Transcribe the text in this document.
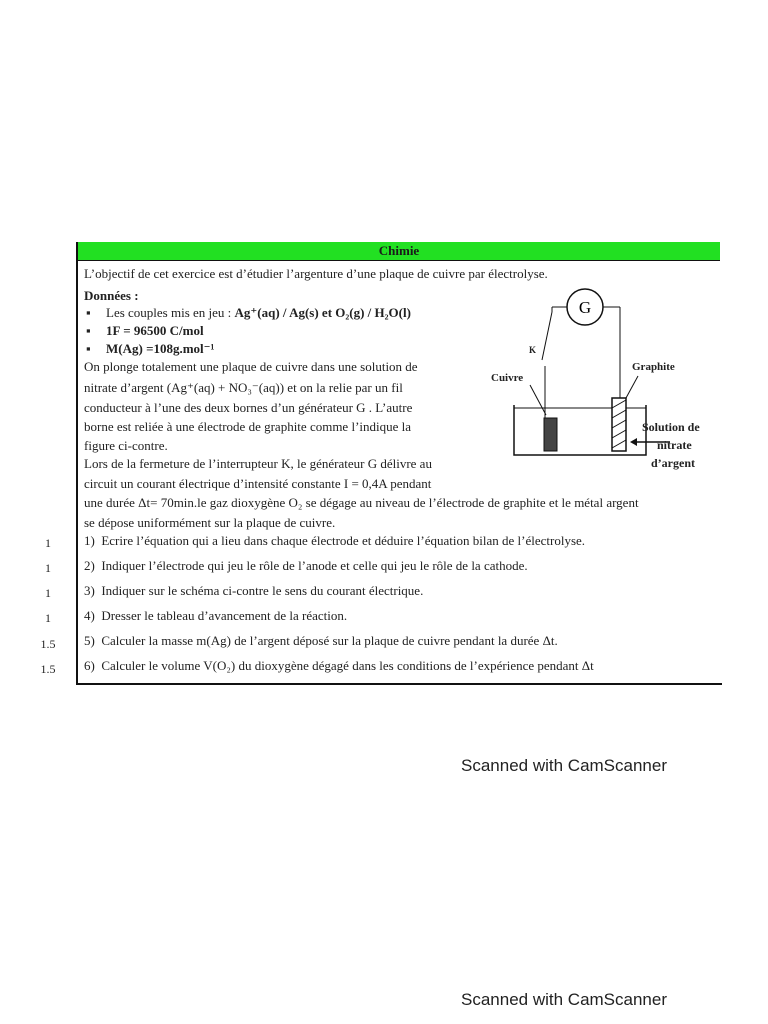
Chimie
L’objectif de cet exercice est d’étudier l’argenture d’une plaque de cuivre par électrolyse.
Données :
▪ Les couples mis en jeu : Ag⁺(aq) / Ag(s) et O₂(g) / H₂O(l)
▪ 1F = 96500 C/mol
▪ M(Ag) =108g.mol⁻¹
On plonge totalement une plaque de cuivre dans une solution de
nitrate d’argent (Ag⁺(aq) + NO₃⁻(aq)) et on la relie par un fil
conducteur à l’une des deux bornes d’un générateur G . L’autre
borne est reliée à une électrode de graphite comme l’indique la
figure ci-contre.
Lors de la fermeture de l’interrupteur K, le générateur G délivre au
circuit un courant électrique d’intensité constante I = 0,4A pendant
une durée Δt= 70min.le gaz dioxygène O₂ se dégage au niveau de l’électrode de graphite et le métal argent
se dépose uniformément sur la plaque de cuivre.
G
K
Cuivre
Graphite
Solution de
nitrate
d’argent
1	1) Ecrire l’équation qui a lieu dans chaque électrode et déduire l’équation bilan de l’électrolyse.
1	2) Indiquer l’électrode qui jeu le rôle de l’anode et celle qui jeu le rôle de la cathode.
1	3) Indiquer sur le schéma ci-contre le sens du courant électrique.
1	4) Dresser le tableau d’avancement de la réaction.
1.5	5) Calculer la masse m(Ag) de l’argent déposé sur la plaque de cuivre pendant la durée Δt.
1.5	6) Calculer le volume V(O₂) du dioxygène dégagé dans les conditions de l’expérience pendant Δt
Scanned with CamScanner
Scanned with CamScanner
